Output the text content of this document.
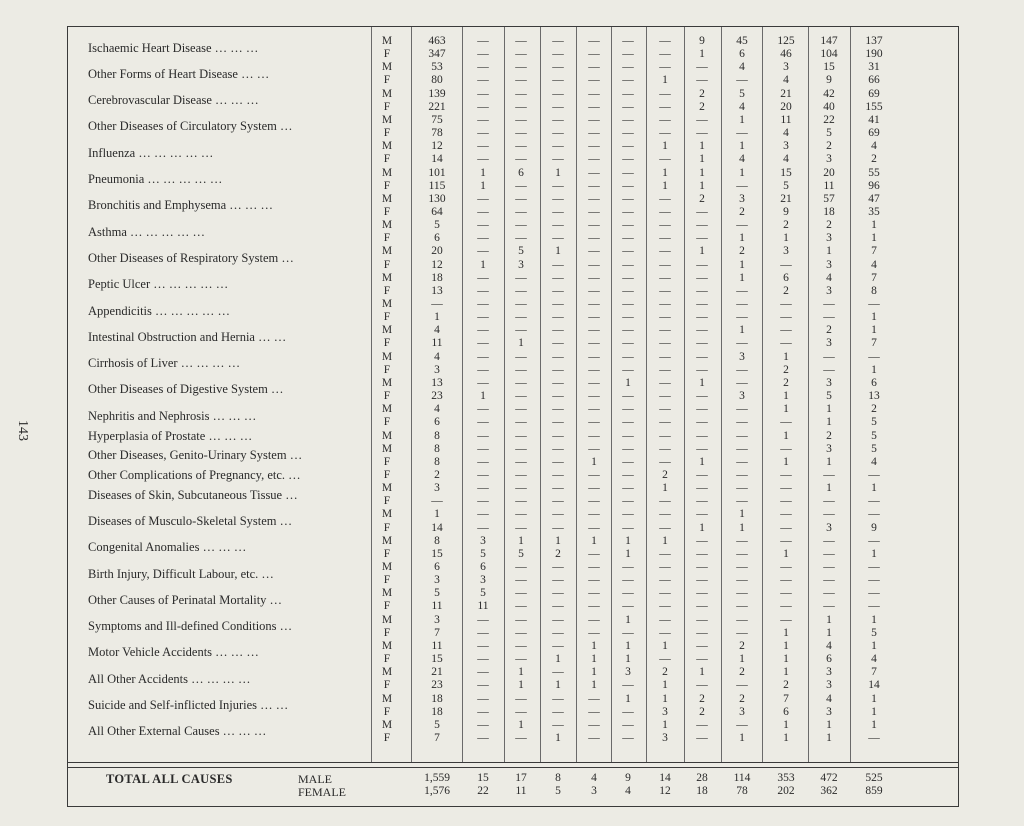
143
Ischaemic Heart Disease … … …	M	463	—	—	—	—	—	—	9	45	125	147	137
F	347	—	—	—	—	—	—	1	6	46	104	190
Other Forms of Heart Disease … …	M	53	—	—	—	—	—	—	—	4	3	15	31
F	80	—	—	—	—	—	1	—	—	4	9	66
Cerebrovascular Disease … … …	M	139	—	—	—	—	—	—	2	5	21	42	69
F	221	—	—	—	—	—	—	2	4	20	40	155
Other Diseases of Circulatory System …	M	75	—	—	—	—	—	—	—	1	11	22	41
F	78	—	—	—	—	—	—	—	—	4	5	69
Influenza … … … … …	M	12	—	—	—	—	—	1	1	1	3	2	4
F	14	—	—	—	—	—	—	1	4	4	3	2
Pneumonia … … … … …	M	101	1	6	1	—	—	1	1	1	15	20	55
F	115	1	—	—	—	—	1	1	—	5	11	96
Bronchitis and Emphysema … … …	M	130	—	—	—	—	—	—	2	3	21	57	47
F	64	—	—	—	—	—	—	—	2	9	18	35
Asthma … … … … …	M	5	—	—	—	—	—	—	—	—	2	2	1
F	6	—	—	—	—	—	—	—	1	1	3	1
Other Diseases of Respiratory System …	M	20	—	5	1	—	—	—	1	2	3	1	7
F	12	1	3	—	—	—	—	—	1	—	3	4
Peptic Ulcer … … … … …	M	18	—	—	—	—	—	—	—	1	6	4	7
F	13	—	—	—	—	—	—	—	—	2	3	8
Appendicitis … … … … …	M	—	—	—	—	—	—	—	—	—	—	—	—
F	1	—	—	—	—	—	—	—	—	—	—	1
Intestinal Obstruction and Hernia … …	M	4	—	—	—	—	—	—	—	1	—	2	1
F	11	—	1	—	—	—	—	—	—	—	3	7
Cirrhosis of Liver … … … …	M	4	—	—	—	—	—	—	—	3	1	—	—
F	3	—	—	—	—	—	—	—	—	2	—	1
Other Diseases of Digestive System …	M	13	—	—	—	—	1	—	1	—	2	3	6
F	23	1	—	—	—	—	—	—	3	1	5	13
Nephritis and Nephrosis … … …	M	4	—	—	—	—	—	—	—	—	1	1	2
F	6	—	—	—	—	—	—	—	—	—	1	5
Hyperplasia of Prostate … … …	M	8	—	—	—	—	—	—	—	—	1	2	5
Other Diseases, Genito-Urinary System …	M	8	—	—	—	—	—	—	—	—	—	3	5
F	8	—	—	—	1	—	—	1	—	1	1	4
Other Complications of Pregnancy, etc. …	F	2	—	—	—	—	—	2	—	—	—	—	—
Diseases of Skin, Subcutaneous Tissue …	M	3	—	—	—	—	—	1	—	—	—	1	1
F	—	—	—	—	—	—	—	—	—	—	—	—
Diseases of Musculo-Skeletal System …	M	1	—	—	—	—	—	—	—	1	—	—	—
F	14	—	—	—	—	—	—	1	1	—	3	9
Congenital Anomalies … … …	M	8	3	1	1	1	1	1	—	—	—	—	—
F	15	5	5	2	—	1	—	—	—	1	—	1
Birth Injury, Difficult Labour, etc. …	M	6	6	—	—	—	—	—	—	—	—	—	—
F	3	3	—	—	—	—	—	—	—	—	—	—
Other Causes of Perinatal Mortality …	M	5	5	—	—	—	—	—	—	—	—	—	—
F	11	11	—	—	—	—	—	—	—	—	—	—
Symptoms and Ill-defined Conditions …	M	3	—	—	—	—	1	—	—	—	—	1	1
F	7	—	—	—	—	—	—	—	—	1	1	5
Motor Vehicle Accidents … … …	M	11	—	—	—	1	1	1	—	2	1	4	1
F	15	—	—	1	1	1	—	—	1	1	6	4
All Other Accidents … … … …	M	21	—	1	—	1	3	2	1	2	1	3	7
F	23	—	1	1	1	—	1	—	—	2	3	14
Suicide and Self-inflicted Injuries … …	M	18	—	—	—	—	1	1	2	2	7	4	1
F	18	—	—	—	—	—	3	2	3	6	3	1
All Other External Causes … … …	M	5	—	1	—	—	—	1	—	—	1	1	1
F	7	—	—	1	—	—	3	—	1	1	1	—
TOTAL ALL CAUSES	MALE	1,559	15	17	8	4	9	14	28	114	353	472	525
FEMALE	1,576	22	11	5	3	4	12	18	78	202	362	859
